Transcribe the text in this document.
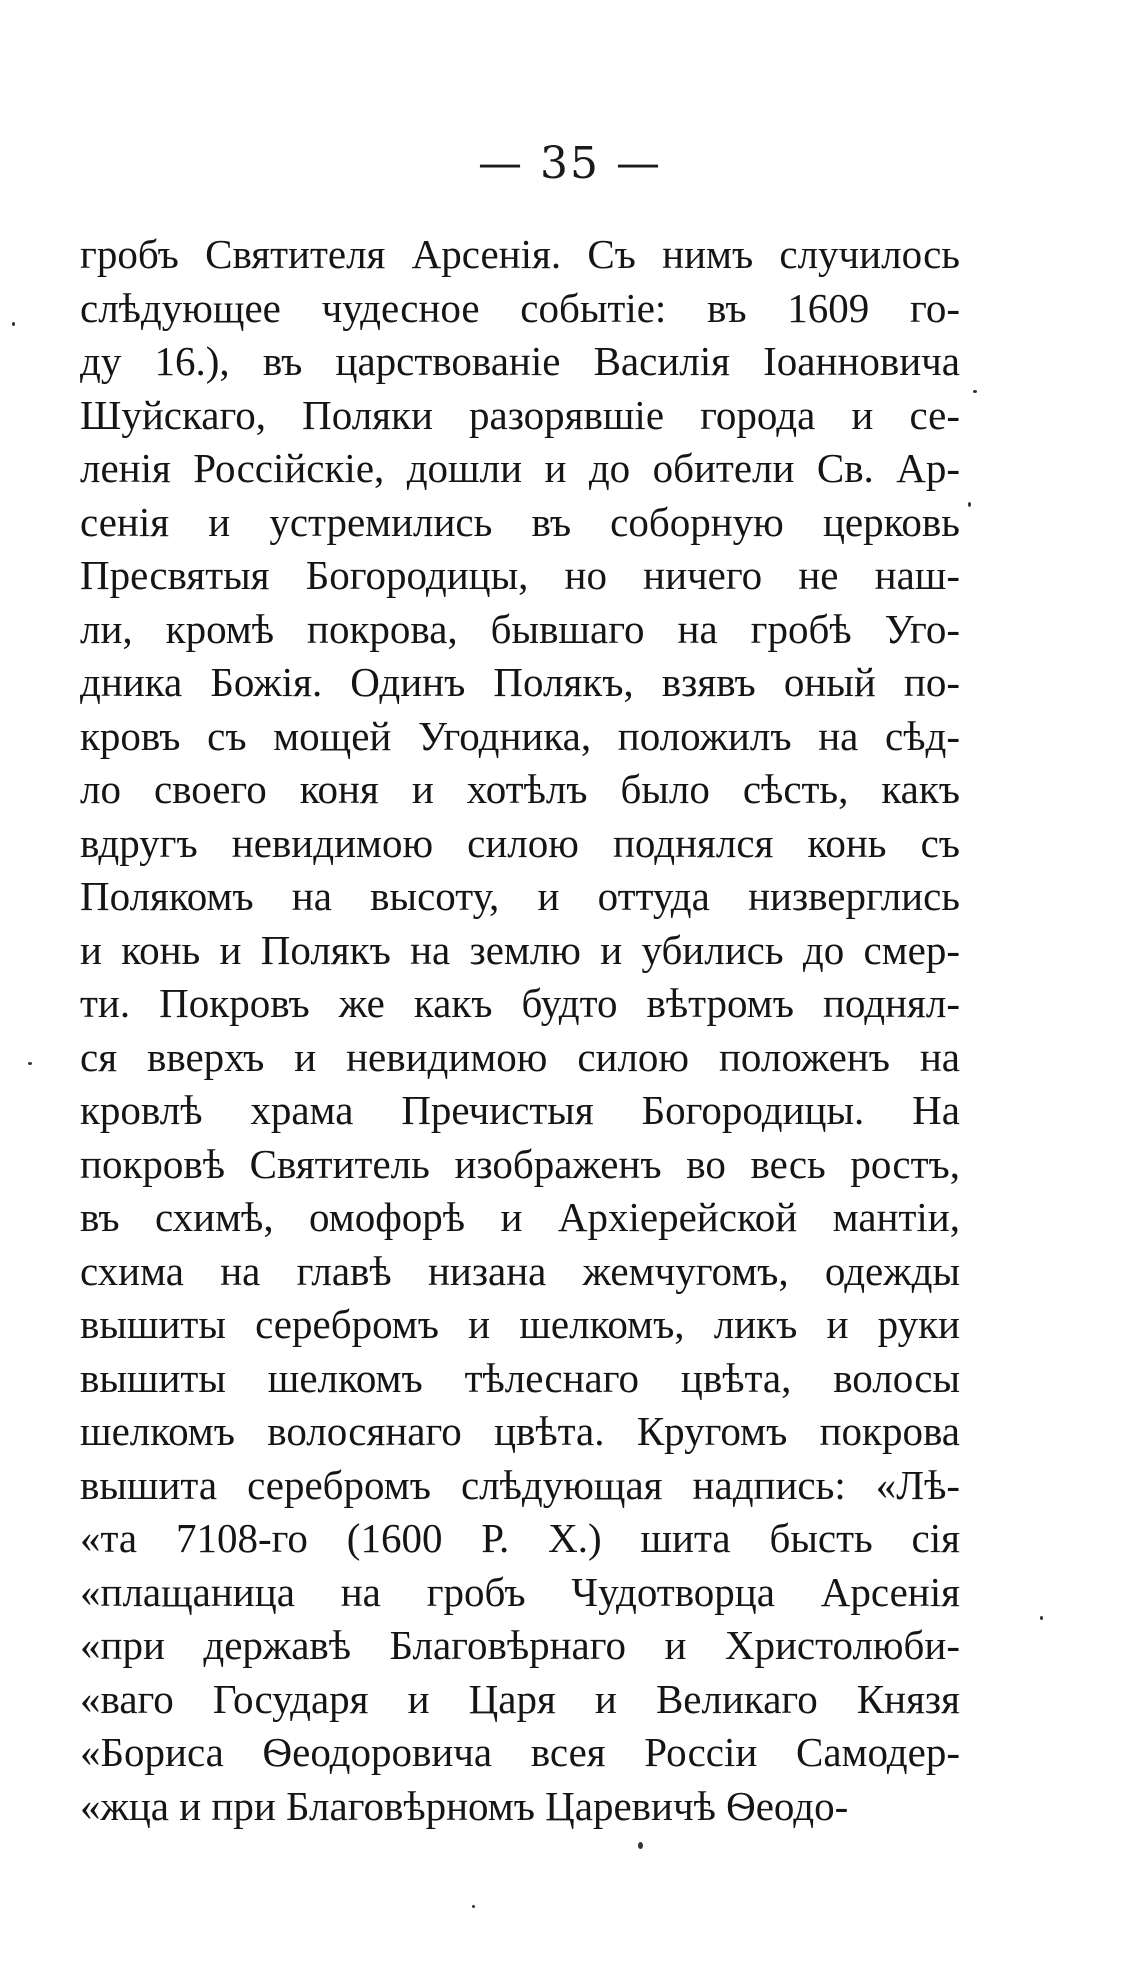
— 35 —
гробъ Святителя Арсенія. Съ нимъ случилось
слѣдующее чудесное событіе: въ 1609 го-
ду 16.), въ царствованіе Василія Іоанновича
Шуйскаго, Поляки разорявшіе города и се-
ленія Россійскіе, дошли и до обители Св. Ар-
сенія и устремились въ соборную церковь
Пресвятыя Богородицы, но ничего не наш-
ли, кромѣ покрова, бывшаго на гробѣ Уго-
дника Божія. Одинъ Полякъ, взявъ оный по-
кровъ съ мощей Угодника, положилъ на сѣд-
ло своего коня и хотѣлъ было сѣсть, какъ
вдругъ невидимою силою поднялся конь съ
Полякомъ на высоту, и оттуда низверглись
и конь и Полякъ на землю и убились до смер-
ти. Покровъ же какъ будто вѣтромъ поднял-
ся вверхъ и невидимою силою положенъ на
кровлѣ храма Пречистыя Богородицы. На
покровѣ Святитель изображенъ во весь ростъ,
въ схимѣ, омофорѣ и Архіерейской мантіи,
схима на главѣ низана жемчугомъ, одежды
вышиты серебромъ и шелкомъ, ликъ и руки
вышиты шелкомъ тѣлеснаго цвѣта, волосы
шелкомъ волосянаго цвѣта. Кругомъ покрова
вышита серебромъ слѣдующая надпись: «Лѣ-
«та 7108-го (1600 Р. Х.) шита бысть сія
«плащаница на гробъ Чудотворца Арсенія
«при державѣ Благовѣрнаго и Христолюби-
«ваго Государя и Царя и Великаго Князя
«Бориса Ѳеодоровича всея Россіи Самодер-
«жца и при Благовѣрномъ Царевичѣ Ѳеодо-
